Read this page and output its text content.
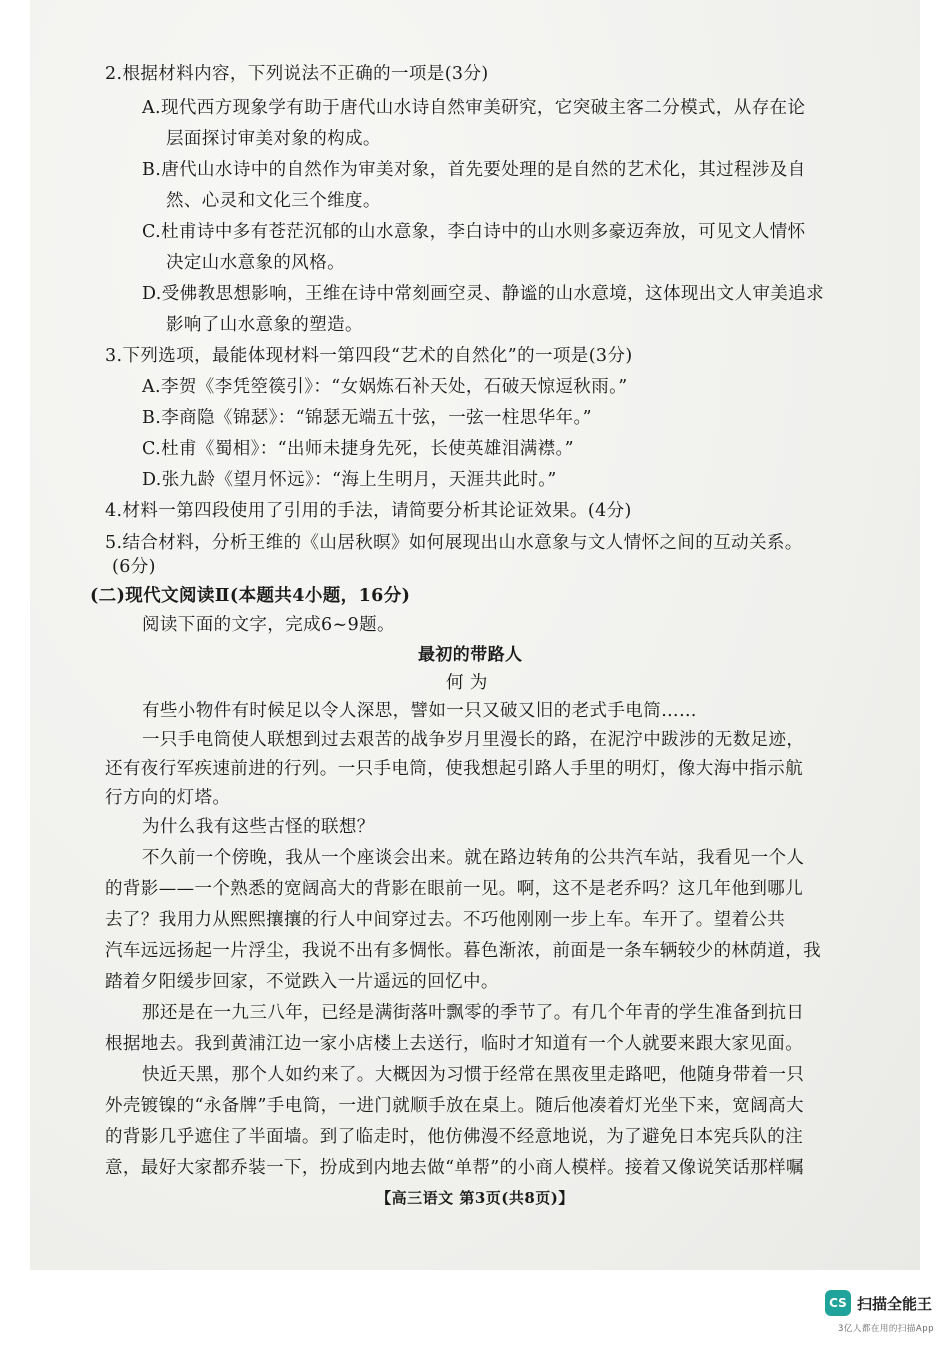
2.根据材料内容，下列说法不正确的一项是(3分)
A.现代西方现象学有助于唐代山水诗自然审美研究，它突破主客二分模式，从存在论
层面探讨审美对象的构成。
B.唐代山水诗中的自然作为审美对象，首先要处理的是自然的艺术化，其过程涉及自
然、心灵和文化三个维度。
C.杜甫诗中多有苍茫沉郁的山水意象，李白诗中的山水则多豪迈奔放，可见文人情怀
决定山水意象的风格。
D.受佛教思想影响，王维在诗中常刻画空灵、静谧的山水意境，这体现出文人审美追求
影响了山水意象的塑造。
3.下列选项，最能体现材料一第四段“艺术的自然化”的一项是(3分)
A.李贺《李凭箜篌引》：“女娲炼石补天处，石破天惊逗秋雨。”
B.李商隐《锦瑟》：“锦瑟无端五十弦，一弦一柱思华年。”
C.杜甫《蜀相》：“出师未捷身先死，长使英雄泪满襟。”
D.张九龄《望月怀远》：“海上生明月，天涯共此时。”
4.材料一第四段使用了引用的手法，请简要分析其论证效果。(4分)
5.结合材料，分析王维的《山居秋暝》如何展现出山水意象与文人情怀之间的互动关系。
(6分)
(二)现代文阅读Ⅱ(本题共4小题，16分)
阅读下面的文字，完成6~9题。
最初的带路人
何 为
有些小物件有时候足以令人深思，譬如一只又破又旧的老式手电筒……
一只手电筒使人联想到过去艰苦的战争岁月里漫长的路，在泥泞中跋涉的无数足迹，
还有夜行军疾速前进的行列。一只手电筒，使我想起引路人手里的明灯，像大海中指示航
行方向的灯塔。
为什么我有这些古怪的联想？
不久前一个傍晚，我从一个座谈会出来。就在路边转角的公共汽车站，我看见一个人
的背影——一个熟悉的宽阔高大的背影在眼前一见。啊，这不是老乔吗？这几年他到哪儿
去了？我用力从熙熙攘攘的行人中间穿过去。不巧他刚刚一步上车。车开了。望着公共
汽车远远扬起一片浮尘，我说不出有多惆怅。暮色渐浓，前面是一条车辆较少的林荫道，我
踏着夕阳缓步回家，不觉跌入一片遥远的回忆中。
那还是在一九三八年，已经是满街落叶飘零的季节了。有几个年青的学生准备到抗日
根据地去。我到黄浦江边一家小店楼上去送行，临时才知道有一个人就要来跟大家见面。
快近天黑，那个人如约来了。大概因为习惯于经常在黑夜里走路吧，他随身带着一只
外壳镀镍的“永备牌”手电筒，一进门就顺手放在桌上。随后他凑着灯光坐下来，宽阔高大
的背影几乎遮住了半面墙。到了临走时，他仿佛漫不经意地说，为了避免日本宪兵队的注
意，最好大家都乔装一下，扮成到内地去做“单帮”的小商人模样。接着又像说笑话那样嘱
【高三语文 第3页(共8页)】
CS 扫描全能王
3亿人都在用的扫描App
